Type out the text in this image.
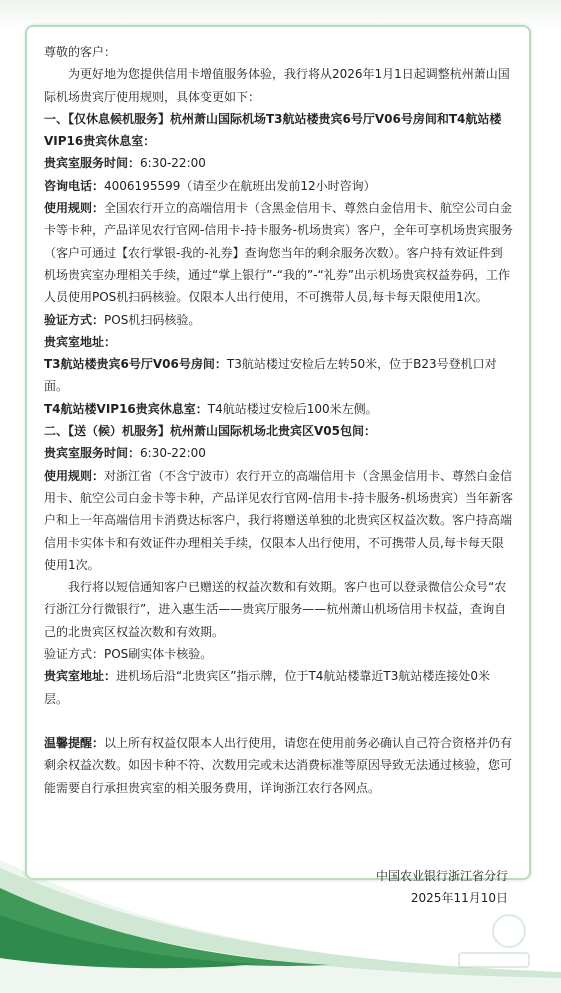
尊敬的客户：

为更好地为您提供信用卡增值服务体验，我行将从2026年1月1日起调整杭州萧山国际机场贵宾厅使用规则，具体变更如下：

一、【仅休息候机服务】杭州萧山国际机场T3航站楼贵宾6号厅V06号房间和T4航站楼VIP16贵宾休息室：

贵宾室服务时间：6:30-22:00

咨询电话：4006195599（请至少在航班出发前12小时咨询）

使用规则：全国农行开立的高端信用卡（含黑金信用卡、尊然白金信用卡、航空公司白金卡等卡种，产品详见农行官网-信用卡-持卡服务-机场贵宾）客户，全年可享机场贵宾服务（客户可通过【农行掌银-我的-礼券】查询您当年的剩余服务次数）。客户持有效证件到机场贵宾室办理相关手续，通过“掌上银行”-“我的”-“礼券”出示机场贵宾权益券码，工作人员使用POS机扫码核验。仅限本人出行使用，不可携带人员,每卡每天限使用1次。

验证方式：POS机扫码核验。

贵宾室地址：

T3航站楼贵宾6号厅V06号房间：T3航站楼过安检后左转50米，位于B23号登机口对面。

T4航站楼VIP16贵宾休息室：T4航站楼过安检后100米左侧。

二、【送（候）机服务】杭州萧山国际机场北贵宾区V05包间：

贵宾室服务时间：6:30-22:00

使用规则：对浙江省（不含宁波市）农行开立的高端信用卡（含黑金信用卡、尊然白金信用卡、航空公司白金卡等卡种，产品详见农行官网-信用卡-持卡服务-机场贵宾）当年新客户和上一年高端信用卡消费达标客户，我行将赠送单独的北贵宾区权益次数。客户持高端信用卡实体卡和有效证件办理相关手续，仅限本人出行使用，不可携带人员,每卡每天限使用1次。

我行将以短信通知客户已赠送的权益次数和有效期。客户也可以登录微信公众号“农行浙江分行微银行”，进入惠生活——贵宾厅服务——杭州萧山机场信用卡权益，查询自己的北贵宾区权益次数和有效期。

验证方式：POS刷实体卡核验。

贵宾室地址：进机场后沿“北贵宾区”指示牌，位于T4航站楼靠近T3航站楼连接处0米层。

温馨提醒：以上所有权益仅限本人出行使用，请您在使用前务必确认自己符合资格并仍有剩余权益次数。如因卡种不符、次数用完或未达消费标准等原因导致无法通过核验，您可能需要自行承担贵宾室的相关服务费用，详询浙江农行各网点。

中国农业银行浙江省分行

2025年11月10日
